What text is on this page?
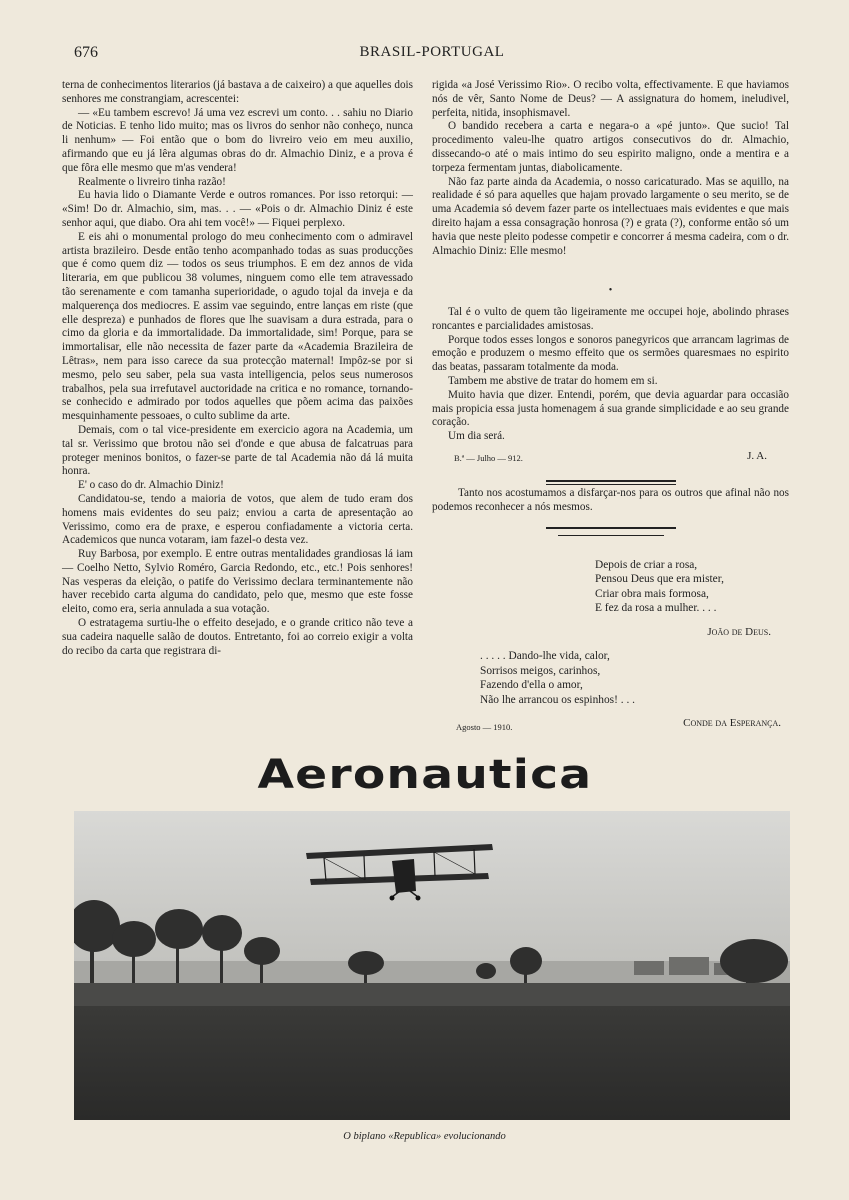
676	BRASIL-PORTUGAL

terna de conhecimentos literarios (já bastava a de caixeiro) a que aquelles dois senhores me constrangiam, acrescentei:

— «Eu tambem escrevo! Já uma vez escrevi um conto. . . sahiu no Diario de Noticias. E tenho lido muito; mas os livros do senhor não conheço, nunca li nenhum» — Foi então que o bom do livreiro veio em meu auxilio, afirmando que eu já lêra algumas obras do dr. Almachio Diniz, e a prova é que fôra elle mesmo que m'as vendera!

Realmente o livreiro tinha razão!

Eu havia lido o Diamante Verde e outros romances. Por isso retorqui: — «Sim! Do dr. Almachio, sim, mas. . . — «Pois o dr. Almachio Diniz é este senhor aqui, que diabo. Ora ahi tem você!» — Fiquei perplexo.

E eis ahi o monumental prologo do meu conhecimento com o admiravel artista brazileiro. Desde então tenho acompanhado todas as suas producções que é como quem diz — todos os seus triumphos. E em dez annos de vida literaria, em que publicou 38 volumes, ninguem como elle tem atravessado tão serenamente e com tamanha superioridade, o agudo tojal da inveja e da malquerença dos mediocres. E assim vae seguindo, entre lanças em riste (que elle despreza) e punhados de flores que lhe suavisam a dura estrada, para o cimo da gloria e da immortalidade. Da immortalidade, sim! Porque, para se immortalisar, elle não necessita de fazer parte da «Academia Brazileira de Lêtras», nem para isso carece da sua protecção maternal! Impôz-se por si mesmo, pelo seu saber, pela sua vasta intelligencia, pelos seus numerosos trabalhos, pela sua irrefutavel auctoridade na critica e no romance, tornando-se conhecido e admirado por todos aquelles que põem acima das paixões mesquinhamente pessoaes, o culto sublime da arte.

Demais, com o tal vice-presidente em exercicio agora na Academia, um tal sr. Verissimo que brotou não sei d'onde e que abusa de falcatruas para proteger meninos bonitos, o fazer-se parte de tal Academia não dá lá muita honra.

E' o caso do dr. Almachio Diniz!

Candidatou-se, tendo a maioria de votos, que alem de tudo eram dos homens mais evidentes do seu paiz; enviou a carta de apresentação ao Verissimo, como era de praxe, e esperou confiadamente a victoria certa. Academicos que nunca votaram, iam fazel-o desta vez.

Ruy Barbosa, por exemplo. E entre outras mentalidades grandiosas lá iam — Coelho Netto, Sylvio Roméro, Garcia Redondo, etc., etc.! Pois senhores! Nas vesperas da eleição, o patife do Verissimo declara terminantemente não haver recebido carta alguma do candidato, pelo que, mesmo que este fosse eleito, como era, seria annulada a sua votação.

O estratagema surtiu-lhe o effeito desejado, e o grande critico não teve a sua cadeira naquelle salão de doutos. Entretanto, foi ao correio exigir a volta do recibo da carta que registrara di-

rigida «a José Verissimo Rio». O recibo volta, effectivamente. E que haviamos nós de vêr, Santo Nome de Deus? — A assignatura do homem, ineludivel, perfeita, nitida, insophismavel.

O bandido recebera a carta e negara-o a «pé junto». Que sucio! Tal procedimento valeu-lhe quatro artigos consecutivos do dr. Almachio, dissecando-o até o mais intimo do seu espirito maligno, onde a mentira e a torpeza fermentam juntas, diabolicamente.

Não faz parte ainda da Academia, o nosso caricaturado. Mas se aquillo, na realidade é só para aquelles que hajam provado largamente o seu merito, se de uma Academia só devem fazer parte os intellectuaes mais evidentes e que mais direito hajam a essa consagração honrosa (?) e grata (?), conforme então só um havia que neste pleito podesse competir e concorrer á mesma cadeira, com o dr. Almachio Diniz: Elle mesmo!

•

Tal é o vulto de quem tão ligeiramente me occupei hoje, abolindo phrases roncantes e parcialidades amistosas.

Porque todos esses longos e sonoros panegyricos que arrancam lagrimas de emoção e produzem o mesmo effeito que os sermões quaresmaes no espirito das beatas, passaram totalmente da moda.

Tambem me abstive de tratar do homem em si.

Muito havia que dizer. Entendi, porém, que devia aguardar para occasião mais propicia essa justa homenagem á sua grande simplicidade e ao seu grande coração.

Um dia será.

B.ª — Julho — 912.	J. A.

Tanto nos acostumamos a disfarçar-nos para os outros que afinal não nos podemos reconhecer a nós mesmos.

Depois de criar a rosa,
Pensou Deus que era mister,
Criar obra mais formosa,
E fez da rosa a mulher. . . .
João de Deus.
. . . . . Dando-lhe vida, calor,
Sorrisos meigos, carinhos,
Fazendo d'ella o amor,
Não lhe arrancou os espinhos! . . .
Agosto — 1910.	Conde da Esperança.
Aeronautica
O biplano «Republica» evolucionando
